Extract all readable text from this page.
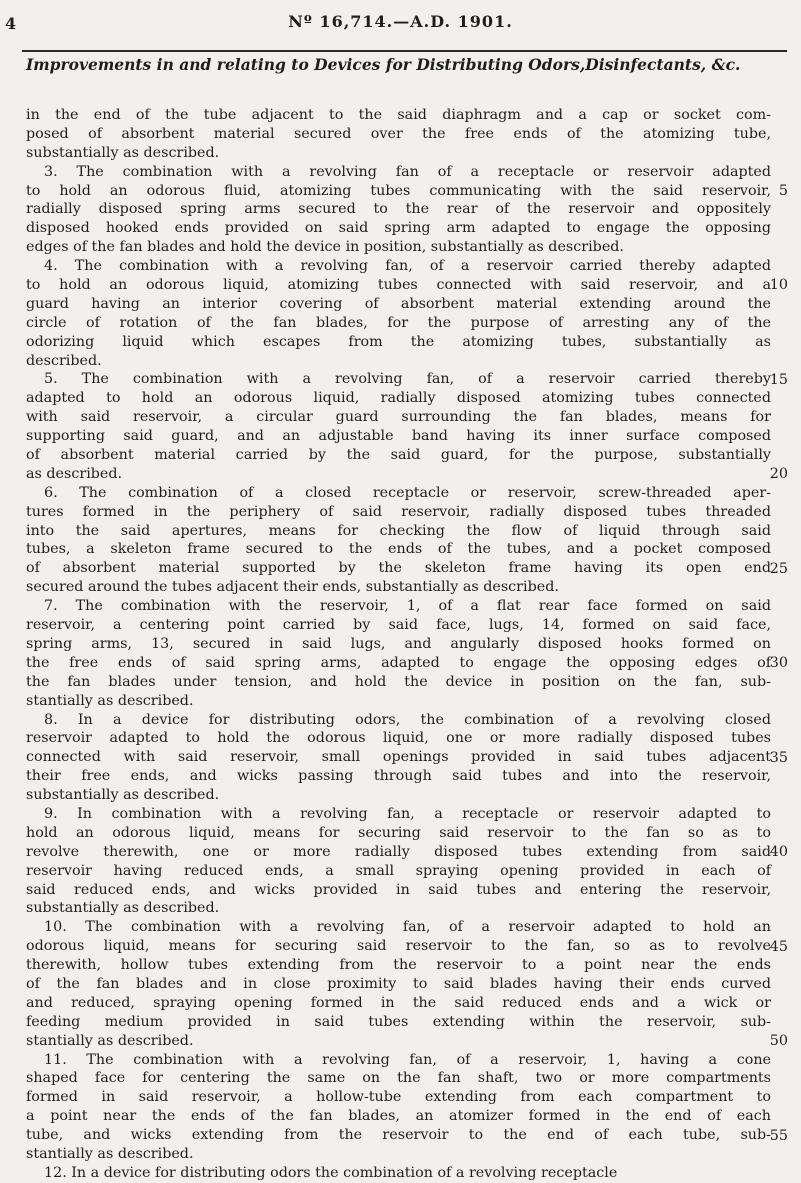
4	Nº 16,714.—A.D. 1901.
Improvements in and relating to Devices for Distributing Odors,Disinfectants, &c.
in the end of the tube adjacent to the said diaphragm and a cap or socket com-
posed of absorbent material secured over the free ends of the atomizing tube,
substantially as described.
3. The combination with a revolving fan of a receptacle or reservoir adapted
to hold an odorous fluid, atomizing tubes communicating with the said reservoir,
radially disposed spring arms secured to the rear of the reservoir and oppositely
disposed hooked ends provided on said spring arm adapted to engage the opposing
edges of the fan blades and hold the device in position, substantially as described.
4. The combination with a revolving fan, of a reservoir carried thereby adapted
to hold an odorous liquid, atomizing tubes connected with said reservoir, and a
guard having an interior covering of absorbent material extending around the
circle of rotation of the fan blades, for the purpose of arresting any of the
odorizing liquid which escapes from the atomizing tubes, substantially as
described.
5. The combination with a revolving fan, of a reservoir carried thereby
adapted to hold an odorous liquid, radially disposed atomizing tubes connected
with said reservoir, a circular guard surrounding the fan blades, means for
supporting said guard, and an adjustable band having its inner surface composed
of absorbent material carried by the said guard, for the purpose, substantially
as described.
6. The combination of a closed receptacle or reservoir, screw-threaded aper-
tures formed in the periphery of said reservoir, radially disposed tubes threaded
into the said apertures, means for checking the flow of liquid through said
tubes, a skeleton frame secured to the ends of the tubes, and a pocket composed
of absorbent material supported by the skeleton frame having its open end
secured around the tubes adjacent their ends, substantially as described.
7. The combination with the reservoir, 1, of a flat rear face formed on said
reservoir, a centering point carried by said face, lugs, 14, formed on said face,
spring arms, 13, secured in said lugs, and angularly disposed hooks formed on
the free ends of said spring arms, adapted to engage the opposing edges of
the fan blades under tension, and hold the device in position on the fan, sub-
stantially as described.
8. In a device for distributing odors, the combination of a revolving closed
reservoir adapted to hold the odorous liquid, one or more radially disposed tubes
connected with said reservoir, small openings provided in said tubes adjacent
their free ends, and wicks passing through said tubes and into the reservoir,
substantially as described.
9. In combination with a revolving fan, a receptacle or reservoir adapted to
hold an odorous liquid, means for securing said reservoir to the fan so as to
revolve therewith, one or more radially disposed tubes extending from said
reservoir having reduced ends, a small spraying opening provided in each of
said reduced ends, and wicks provided in said tubes and entering the reservoir,
substantially as described.
10. The combination with a revolving fan, of a reservoir adapted to hold an
odorous liquid, means for securing said reservoir to the fan, so as to revolve
therewith, hollow tubes extending from the reservoir to a point near the ends
of the fan blades and in close proximity to said blades having their ends curved
and reduced, spraying opening formed in the said reduced ends and a wick or
feeding medium provided in said tubes extending within the reservoir, sub-
stantially as described.
11. The combination with a revolving fan, of a reservoir, 1, having a cone
shaped face for centering the same on the fan shaft, two or more compartments
formed in said reservoir, a hollow-tube extending from each compartment to
a point near the ends of the fan blades, an atomizer formed in the end of each
tube, and wicks extending from the reservoir to the end of each tube, sub-
stantially as described.
12. In a device for distributing odors the combination of a revolving receptacle
5
10
15
20
25
30
35
40
45
50
55
